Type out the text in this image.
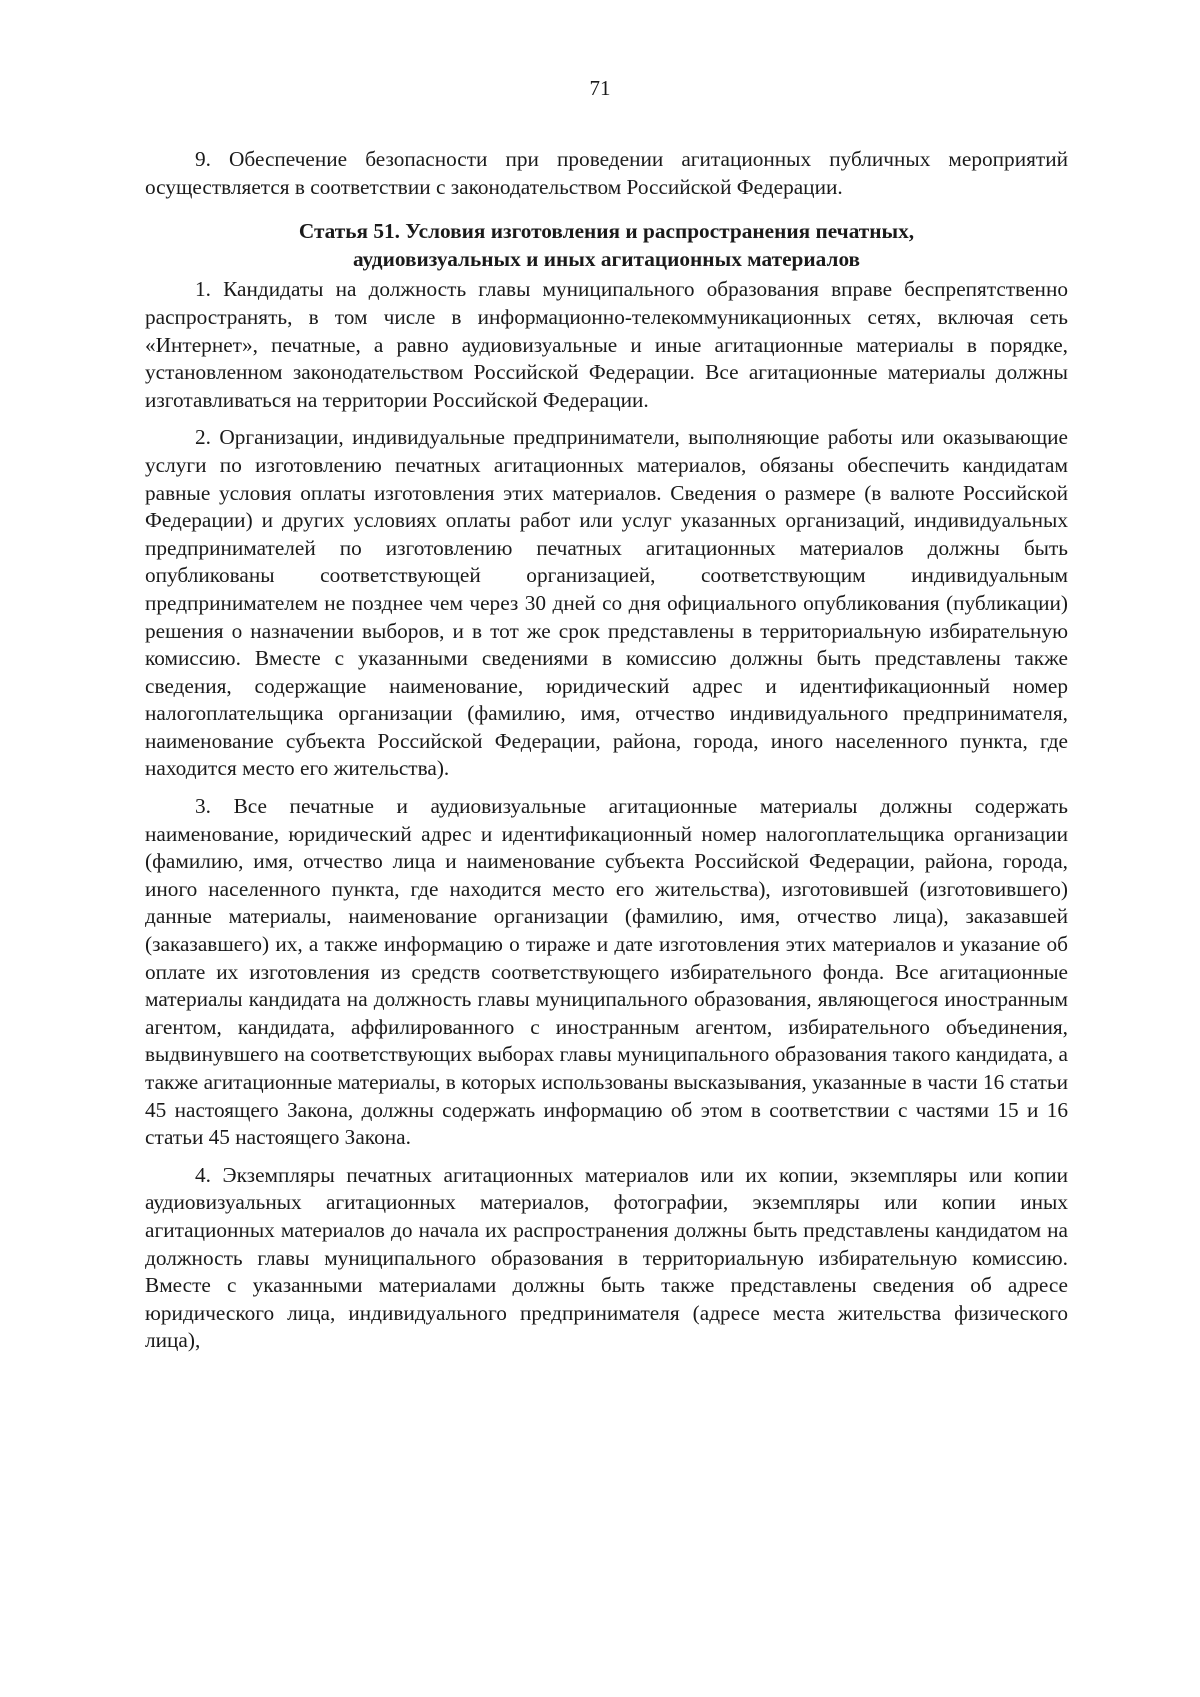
71

9. Обеспечение безопасности при проведении агитационных публичных мероприятий осуществляется в соответствии с законодательством Российской Федерации.

Статья 51. Условия изготовления и распространения печатных,
аудиовизуальных и иных агитационных материалов

1. Кандидаты на должность главы муниципального образования вправе беспрепятственно распространять, в том числе в информационно-телекоммуникационных сетях, включая сеть «Интернет», печатные, а равно аудиовизуальные и иные агитационные материалы в порядке, установленном законодательством Российской Федерации. Все агитационные материалы должны изготавливаться на территории Российской Федерации.

2. Организации, индивидуальные предприниматели, выполняющие работы или оказывающие услуги по изготовлению печатных агитационных материалов, обязаны обеспечить кандидатам равные условия оплаты изготовления этих материалов. Сведения о размере (в валюте Российской Федерации) и других условиях оплаты работ или услуг указанных организаций, индивидуальных предпринимателей по изготовлению печатных агитационных материалов должны быть опубликованы соответствующей организацией, соответствующим индивидуальным предпринимателем не позднее чем через 30 дней со дня официального опубликования (публикации) решения о назначении выборов, и в тот же срок представлены в территориальную избирательную комиссию. Вместе с указанными сведениями в комиссию должны быть представлены также сведения, содержащие наименование, юридический адрес и идентификационный номер налогоплательщика организации (фамилию, имя, отчество индивидуального предпринимателя, наименование субъекта Российской Федерации, района, города, иного населенного пункта, где находится место его жительства).

3. Все печатные и аудиовизуальные агитационные материалы должны содержать наименование, юридический адрес и идентификационный номер налогоплательщика организации (фамилию, имя, отчество лица и наименование субъекта Российской Федерации, района, города, иного населенного пункта, где находится место его жительства), изготовившей (изготовившего) данные материалы, наименование организации (фамилию, имя, отчество лица), заказавшей (заказавшего) их, а также информацию о тираже и дате изготовления этих материалов и указание об оплате их изготовления из средств соответствующего избирательного фонда. Все агитационные материалы кандидата на должность главы муниципального образования, являющегося иностранным агентом, кандидата, аффилированного с иностранным агентом, избирательного объединения, выдвинувшего на соответствующих выборах главы муниципального образования такого кандидата, а также агитационные материалы, в которых использованы высказывания, указанные в части 16 статьи 45 настоящего Закона, должны содержать информацию об этом в соответствии с частями 15 и 16 статьи 45 настоящего Закона.

4. Экземпляры печатных агитационных материалов или их копии, экземпляры или копии аудиовизуальных агитационных материалов, фотографии, экземпляры или копии иных агитационных материалов до начала их распространения должны быть представлены кандидатом на должность главы муниципального образования в территориальную избирательную комиссию. Вместе с указанными материалами должны быть также представлены сведения об адресе юридического лица, индивидуального предпринимателя (адресе места жительства физического лица),
